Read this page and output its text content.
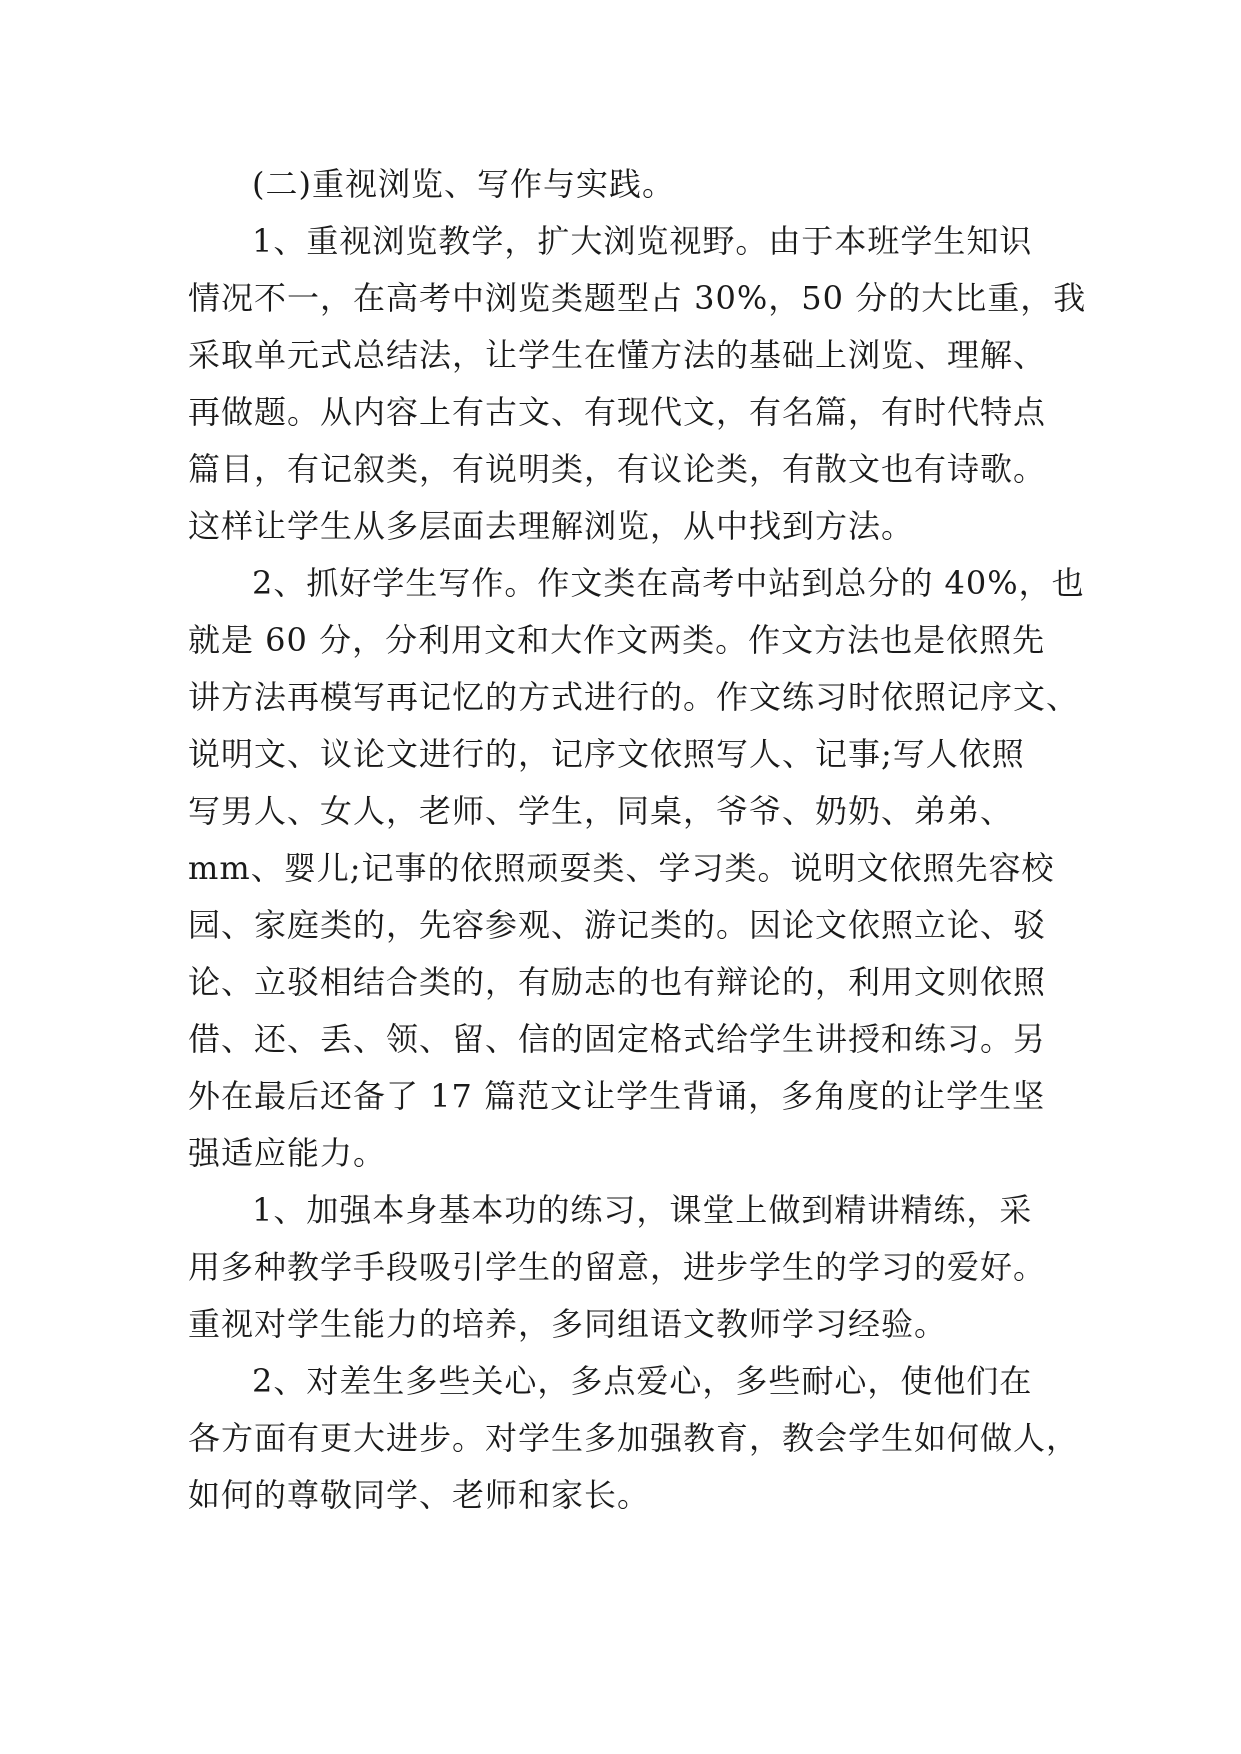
(二)重视浏览、写作与实践。
1、重视浏览教学，扩大浏览视野。由于本班学生知识
情况不一，在高考中浏览类题型占 30%，50 分的大比重，我
采取单元式总结法，让学生在懂方法的基础上浏览、理解、
再做题。从内容上有古文、有现代文，有名篇，有时代特点
篇目，有记叙类，有说明类，有议论类，有散文也有诗歌。
这样让学生从多层面去理解浏览，从中找到方法。
2、抓好学生写作。作文类在高考中站到总分的 40%，也
就是 60 分，分利用文和大作文两类。作文方法也是依照先
讲方法再模写再记忆的方式进行的。作文练习时依照记序文、
说明文、议论文进行的，记序文依照写人、记事;写人依照
写男人、女人，老师、学生，同桌，爷爷、奶奶、弟弟、
mm、婴儿;记事的依照顽耍类、学习类。说明文依照先容校
园、家庭类的，先容参观、游记类的。因论文依照立论、驳
论、立驳相结合类的，有励志的也有辩论的，利用文则依照
借、还、丢、领、留、信的固定格式给学生讲授和练习。另
外在最后还备了 17 篇范文让学生背诵，多角度的让学生坚
强适应能力。
1、加强本身基本功的练习，课堂上做到精讲精练，采
用多种教学手段吸引学生的留意，进步学生的学习的爱好。
重视对学生能力的培养，多同组语文教师学习经验。
2、对差生多些关心，多点爱心，多些耐心，使他们在
各方面有更大进步。对学生多加强教育，教会学生如何做人，
如何的尊敬同学、老师和家长。
